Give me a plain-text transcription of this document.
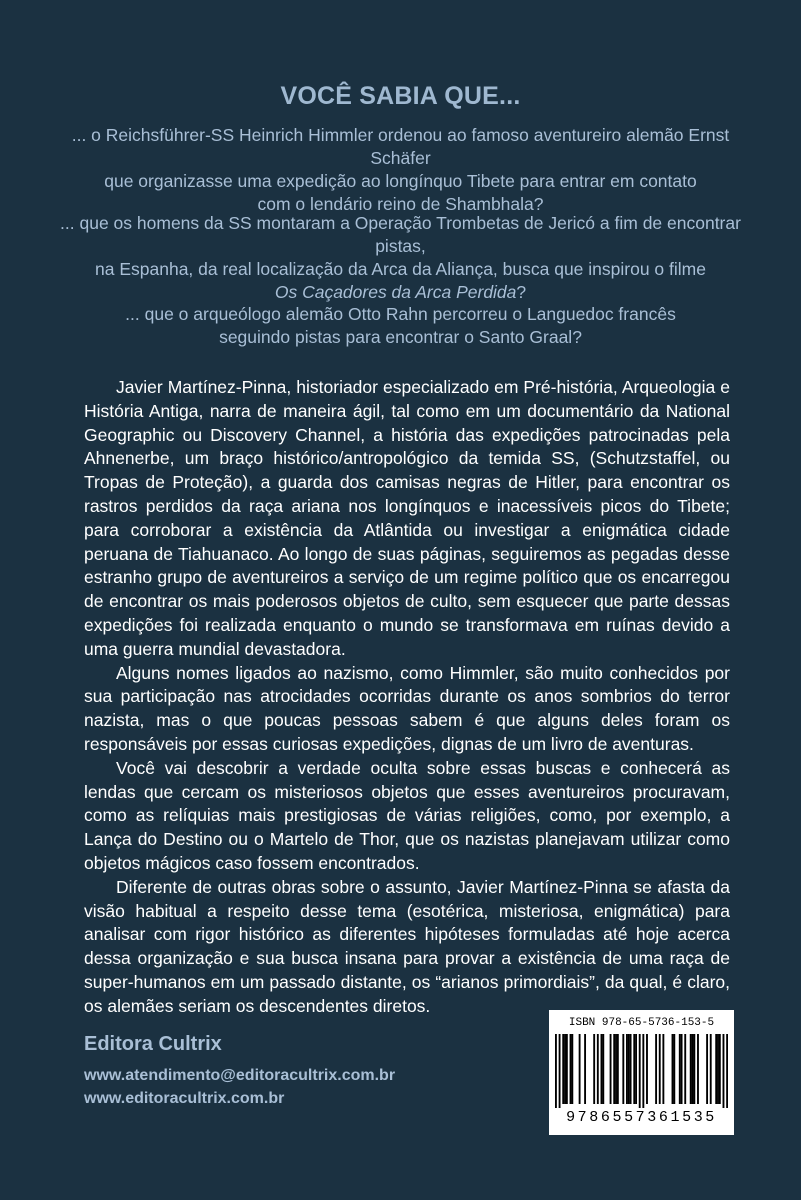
VOCÊ SABIA QUE...

... o Reichsführer-SS Heinrich Himmler ordenou ao famoso aventureiro alemão Ernst Schäfer

que organizasse uma expedição ao longínquo Tibete para entrar em contato

com o lendário reino de Shambhala?

... que os homens da SS montaram a Operação Trombetas de Jericó a fim de encontrar pistas,

na Espanha, da real localização da Arca da Aliança, busca que inspirou o filme

Os Caçadores da Arca Perdida?

... que o arqueólogo alemão Otto Rahn percorreu o Languedoc francês

seguindo pistas para encontrar o Santo Graal?

Javier Martínez-Pinna, historiador especializado em Pré-história, Arqueologia e História Antiga, narra de maneira ágil, tal como em um documentário da National Geographic ou Discovery Channel, a história das expedições patrocinadas pela Ahnenerbe, um braço histórico/antropológico da temida SS, (Schutzstaffel, ou Tropas de Proteção), a guarda dos camisas negras de Hitler, para encontrar os rastros perdidos da raça ariana nos longínquos e inacessíveis picos do Tibete; para corroborar a existência da Atlântida ou investigar a enigmática cidade peruana de Tiahuanaco. Ao longo de suas páginas, seguiremos as pegadas desse estranho grupo de aventureiros a serviço de um regime político que os encarregou de encontrar os mais poderosos objetos de culto, sem esquecer que parte dessas expedições foi realizada enquanto o mundo se transformava em ruínas devido a uma guerra mundial devastadora.

Alguns nomes ligados ao nazismo, como Himmler, são muito conhecidos por sua participação nas atrocidades ocorridas durante os anos sombrios do terror nazista, mas o que poucas pessoas sabem é que alguns deles foram os responsáveis por essas curiosas expedições, dignas de um livro de aventuras.

Você vai descobrir a verdade oculta sobre essas buscas e conhecerá as lendas que cercam os misteriosos objetos que esses aventureiros procuravam, como as relíquias mais prestigiosas de várias religiões, como, por exemplo, a Lança do Destino ou o Martelo de Thor, que os nazistas planejavam utilizar como objetos mágicos caso fossem encontrados.

Diferente de outras obras sobre o assunto, Javier Martínez-Pinna se afasta da visão habitual a respeito desse tema (esotérica, misteriosa, enigmática) para analisar com rigor histórico as diferentes hipóteses formuladas até hoje acerca dessa organização e sua busca insana para provar a existência de uma raça de super-humanos em um passado distante, os “arianos primordiais”, da qual, é claro, os alemães seriam os descendentes diretos.

Editora Cultrix
www.atendimento@editoracultrix.com.br
www.editoracultrix.com.br
ISBN 978-65-5736-153-5
9786557361535
